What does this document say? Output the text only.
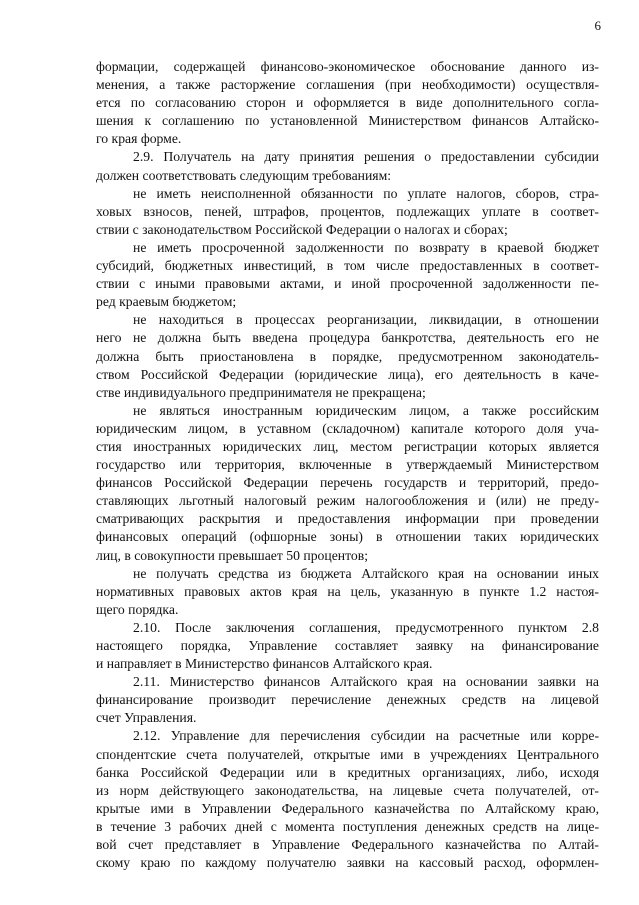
6
формации, содержащей финансово-экономическое обоснование данного из-
менения, а также расторжение соглашения (при необходимости) осуществля-
ется по согласованию сторон и оформляется в виде дополнительного согла-
шения к соглашению по установленной Министерством финансов Алтайско-
го края форме.
2.9. Получатель на дату принятия решения о предоставлении субсидии
должен соответствовать следующим требованиям:
не иметь неисполненной обязанности по уплате налогов, сборов, стра-
ховых взносов, пеней, штрафов, процентов, подлежащих уплате в соответ-
ствии с законодательством Российской Федерации о налогах и сборах;
не иметь просроченной задолженности по возврату в краевой бюджет
субсидий, бюджетных инвестиций, в том числе предоставленных в соответ-
ствии с иными правовыми актами, и иной просроченной задолженности пе-
ред краевым бюджетом;
не находиться в процессах реорганизации, ликвидации, в отношении
него не должна быть введена процедура банкротства, деятельность его не
должна быть приостановлена в порядке, предусмотренном законодатель-
ством Российской Федерации (юридические лица), его деятельность в каче-
стве индивидуального предпринимателя не прекращена;
не являться иностранным юридическим лицом, а также российским
юридическим лицом, в уставном (складочном) капитале которого доля уча-
стия иностранных юридических лиц, местом регистрации которых является
государство или территория, включенные в утверждаемый Министерством
финансов Российской Федерации перечень государств и территорий, предо-
ставляющих льготный налоговый режим налогообложения и (или) не преду-
сматривающих раскрытия и предоставления информации при проведении
финансовых операций (офшорные зоны) в отношении таких юридических
лиц, в совокупности превышает 50 процентов;
не получать средства из бюджета Алтайского края на основании иных
нормативных правовых актов края на цель, указанную в пункте 1.2 настоя-
щего порядка.
2.10. После заключения соглашения, предусмотренного пунктом 2.8
настоящего порядка, Управление составляет заявку на финансирование
и направляет в Министерство финансов Алтайского края.
2.11. Министерство финансов Алтайского края на основании заявки на
финансирование производит перечисление денежных средств на лицевой
счет Управления.
2.12. Управление для перечисления субсидии на расчетные или корре-
спондентские счета получателей, открытые ими в учреждениях Центрального
банка Российской Федерации или в кредитных организациях, либо, исходя
из норм действующего законодательства, на лицевые счета получателей, от-
крытые ими в Управлении Федерального казначейства по Алтайскому краю,
в течение 3 рабочих дней с момента поступления денежных средств на лице-
вой счет представляет в Управление Федерального казначейства по Алтай-
скому краю по каждому получателю заявки на кассовый расход, оформлен-
